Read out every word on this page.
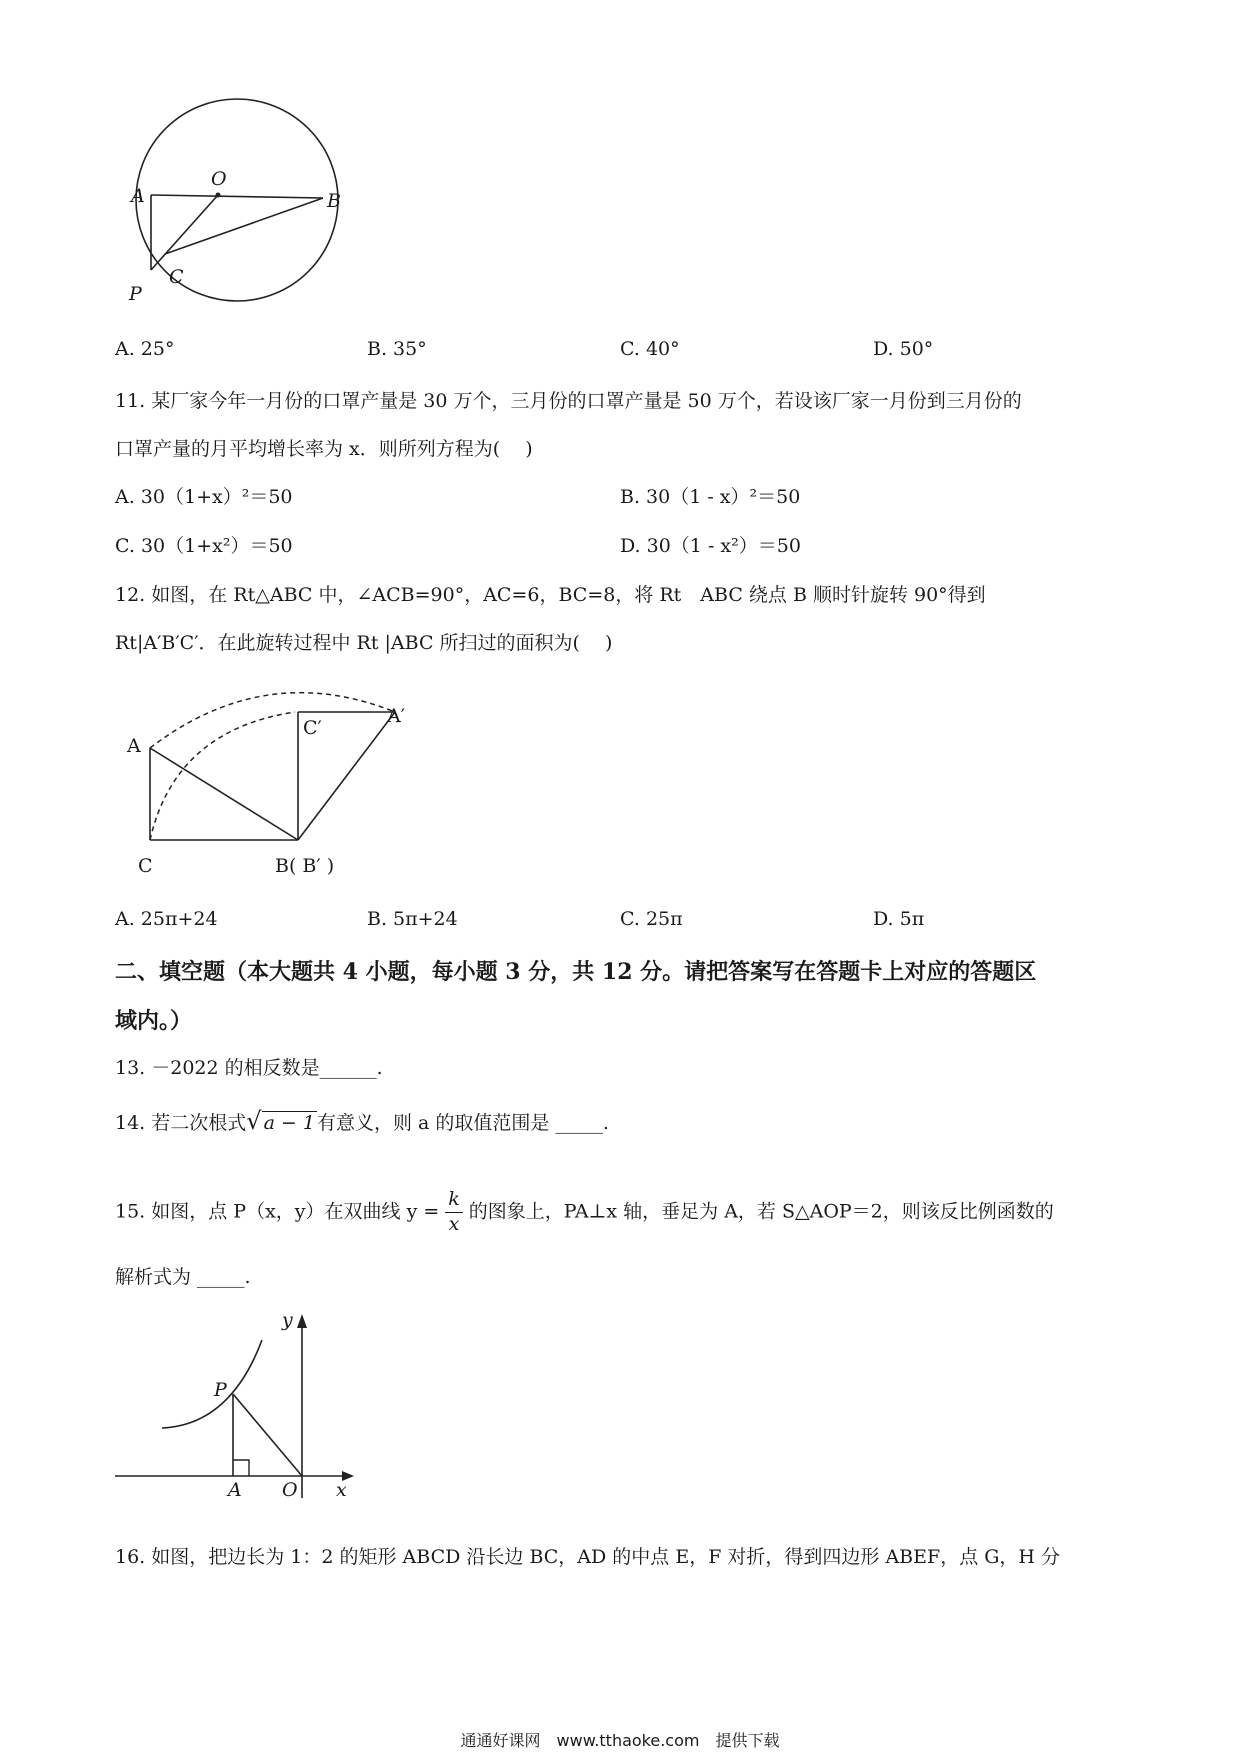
A
O
B
C
P
A. 25°	B. 35°	C. 40°	D. 50°
11. 某厂家今年一月份的口罩产量是 30 万个，三月份的口罩产量是 50 万个，若设该厂家一月份到三月份的
口罩产量的月平均增长率为 x．则所列方程为(　 )
A. 30（1+x）²＝50	B. 30（1 - x）²＝50
C. 30（1+x²）＝50	D. 30（1 - x²）＝50
12. 如图，在 Rt△ABC 中，∠ACB=90°，AC=6，BC=8，将 Rt　ABC 绕点 B 顺时针旋转 90°得到
Rt|A′B′C′．在此旋转过程中 Rt |ABC 所扫过的面积为(　 )
A
C′
A′
C	B( B′ )
A. 25π+24	B. 5π+24	C. 25π	D. 5π
二、填空题（本大题共 4 小题，每小题 3 分，共 12 分。请把答案写在答题卡上对应的答题区
域内。）
13. －2022 的相反数是______.
14. 若二次根式√ a − 1 有意义，则 a 的取值范围是 _____.
15. 如图，点 P（x，y）在双曲线 $y = \frac{k}{x}$ 的图象上，PA⊥x 轴，垂足为 A，若 S△AOP＝2，则该反比例函数的
解析式为 _____.
y
P
A O x
16. 如图，把边长为 1：2 的矩形 ABCD 沿长边 BC，AD 的中点 E，F 对折，得到四边形 ABEF，点 G，H 分
通通好课网　www.tthaoke.com　提供下载
